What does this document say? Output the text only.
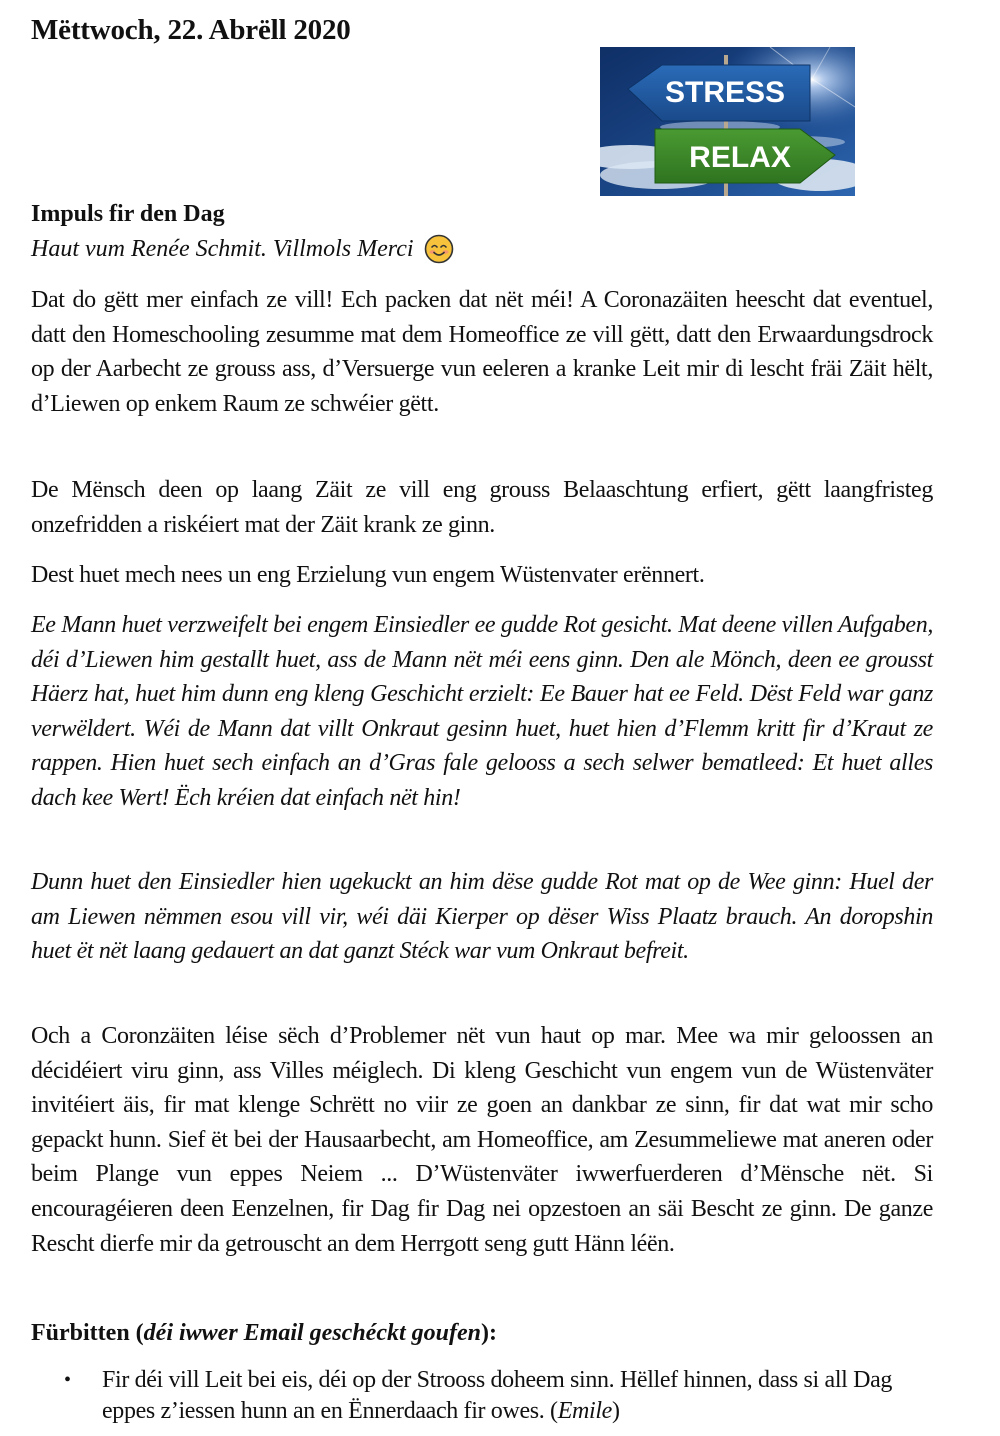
Mëttwoch, 22. Abrëll 2020
STRESS
RELAX
Impuls fir den Dag

Haut vum Renée Schmit. Villmols Merci

Dat do gëtt mer einfach ze vill! Ech packen dat nët méi! A Coronazäiten heescht dat eventuel, datt den Homeschooling zesumme mat dem Homeoffice ze vill gëtt, datt den Erwaardungsdrock op der Aarbecht ze grouss ass, d’Versuerge vun eeleren a kranke Leit mir di lescht fräi Zäit hëlt, d’Liewen op enkem Raum ze schwéier gëtt.

De Mënsch deen op laang Zäit ze vill eng grouss Belaaschtung erfiert, gëtt laangfristeg onzefridden a riskéiert mat der Zäit krank ze ginn.

Dest huet mech nees un eng Erzielung vun engem Wüstenvater erënnert.

Ee Mann huet verzweifelt bei engem Einsiedler ee gudde Rot gesicht. Mat deene villen Aufgaben, déi d’Liewen him gestallt huet, ass de Mann nët méi eens ginn. Den ale Mönch, deen ee grousst Häerz hat, huet him dunn eng kleng Geschicht erzielt: Ee Bauer hat ee Feld. Dëst Feld war ganz verwëldert. Wéi de Mann dat villt Onkraut gesinn huet, huet hien d’Flemm kritt fir d’Kraut ze rappen. Hien huet sech einfach an d’Gras fale gelooss a sech selwer bematleed: Et huet alles dach kee Wert! Ëch kréien dat einfach nët hin!

Dunn huet den Einsiedler hien ugekuckt an him dëse gudde Rot mat op de Wee ginn: Huel der am Liewen nëmmen esou vill vir, wéi däi Kierper op dëser Wiss Plaatz brauch. An doropshin huet ët nët laang gedauert an dat ganzt Stéck war vum Onkraut befreit.

Och a Coronzäiten léise sëch d’Problemer nët vun haut op mar. Mee wa mir geloossen an décidéiert viru ginn, ass Villes méiglech. Di kleng Geschicht vun engem vun de Wüstenväter invitéiert äis, fir mat klenge Schrëtt no viir ze goen an dankbar ze sinn, fir dat wat mir scho gepackt hunn. Sief ët bei der Hausaarbecht, am Homeoffice, am Zesummeliewe mat aneren oder beim Plange vun eppes Neiem ... D’Wüstenväter iwwerfuerderen d’Mënsche nët. Si encouragéieren deen Eenzelnen, fir Dag fir Dag nei opzestoen an säi Bescht ze ginn. De ganze Rescht dierfe mir da getrouscht an dem Herrgott seng gutt Hänn léën.

Fürbitten (déi iwwer Email geschéckt goufen):
• Fir déi vill Leit bei eis, déi op der Strooss doheem sinn. Hëllef hinnen, dass si all Dag eppes z’iessen hunn an en Ënnerdaach fir owes. (Emile)
